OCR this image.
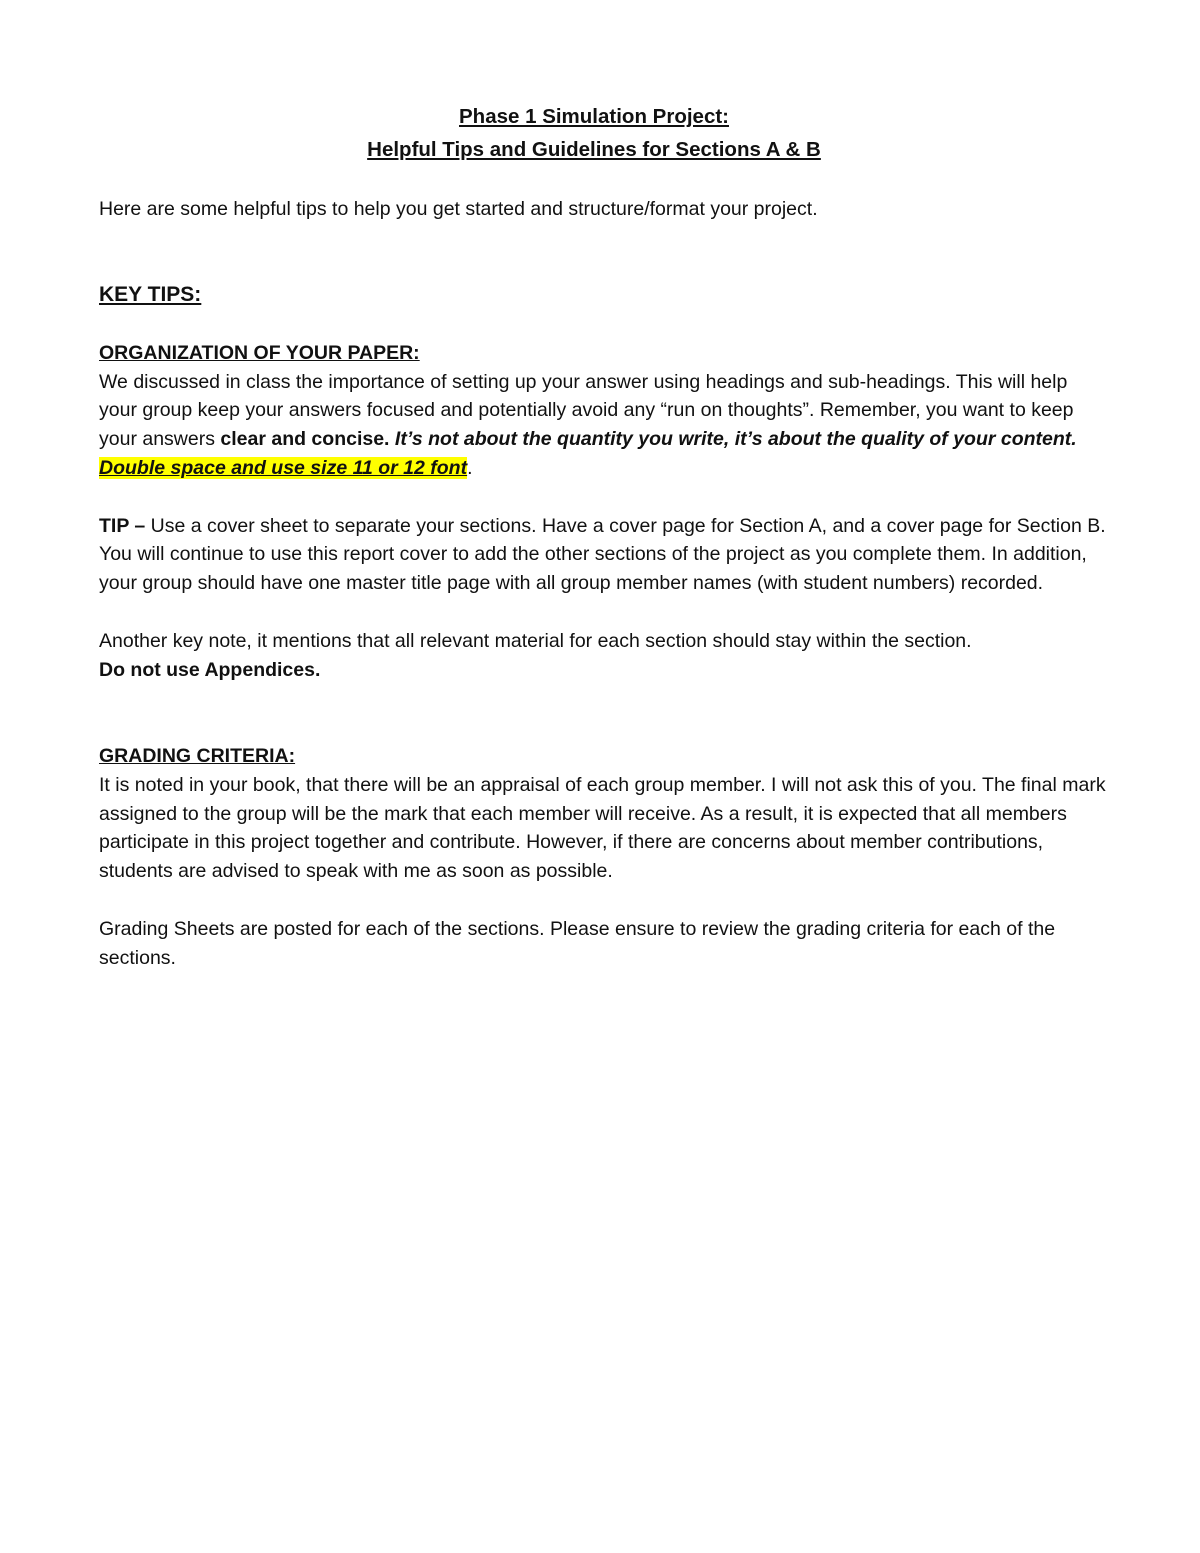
Phase 1 Simulation Project:
Helpful Tips and Guidelines for Sections A & B

Here are some helpful tips to help you get started and structure/format your project.

KEY TIPS:

ORGANIZATION OF YOUR PAPER:

We discussed in class the importance of setting up your answer using headings and sub-headings. This will help your group keep your answers focused and potentially avoid any “run on thoughts”. Remember, you want to keep your answers clear and concise. It’s not about the quantity you write, it’s about the quality of your content. Double space and use size 11 or 12 font.

TIP – Use a cover sheet to separate your sections. Have a cover page for Section A, and a cover page for Section B. You will continue to use this report cover to add the other sections of the project as you complete them. In addition, your group should have one master title page with all group member names (with student numbers) recorded.

Another key note, it mentions that all relevant material for each section should stay within the section.

Do not use Appendices.

GRADING CRITERIA:

It is noted in your book, that there will be an appraisal of each group member. I will not ask this of you. The final mark assigned to the group will be the mark that each member will receive. As a result, it is expected that all members participate in this project together and contribute. However, if there are concerns about member contributions, students are advised to speak with me as soon as possible.

Grading Sheets are posted for each of the sections. Please ensure to review the grading criteria for each of the sections.
